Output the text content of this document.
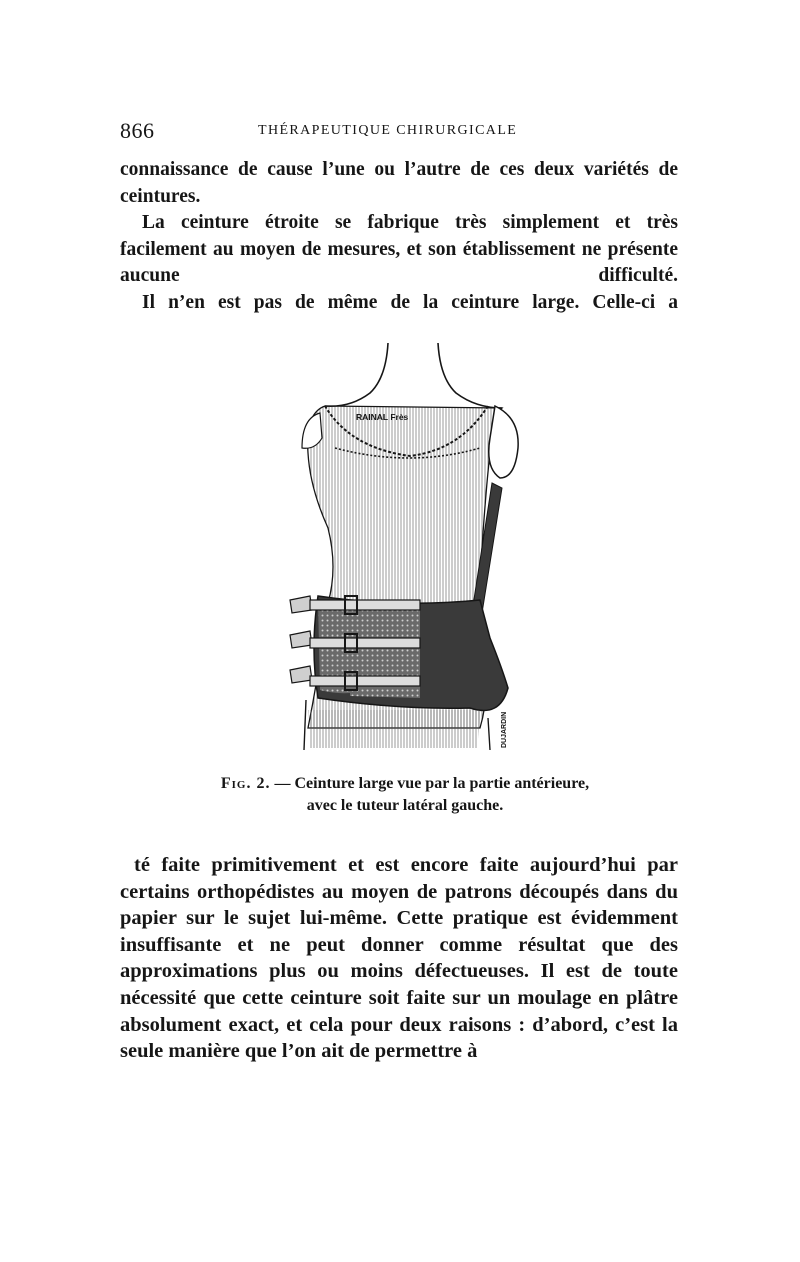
866	THÉRAPEUTIQUE CHIRURGICALE

connaissance de cause l’une ou l’autre de ces deux variétés de ceintures.

La ceinture étroite se fabrique très simplement et très facilement au moyen de mesures, et son établissement ne présente aucune difficulté.

Il n’en est pas de même de la ceinture large. Celle-ci a

RAINAL Frès
DUJARDIN
Fig. 2. — Ceinture large vue par la partie antérieure,
avec le tuteur latéral gauche.

té faite primitivement et est encore faite aujourd’hui par certains orthopédistes au moyen de patrons découpés dans du papier sur le sujet lui-même. Cette pratique est évidemment insuffisante et ne peut donner comme résultat que des approximations plus ou moins défectueuses. Il est de toute nécessité que cette ceinture soit faite sur un moulage en plâtre absolument exact, et cela pour deux raisons : d’abord, c’est la seule manière que l’on ait de permettre à
